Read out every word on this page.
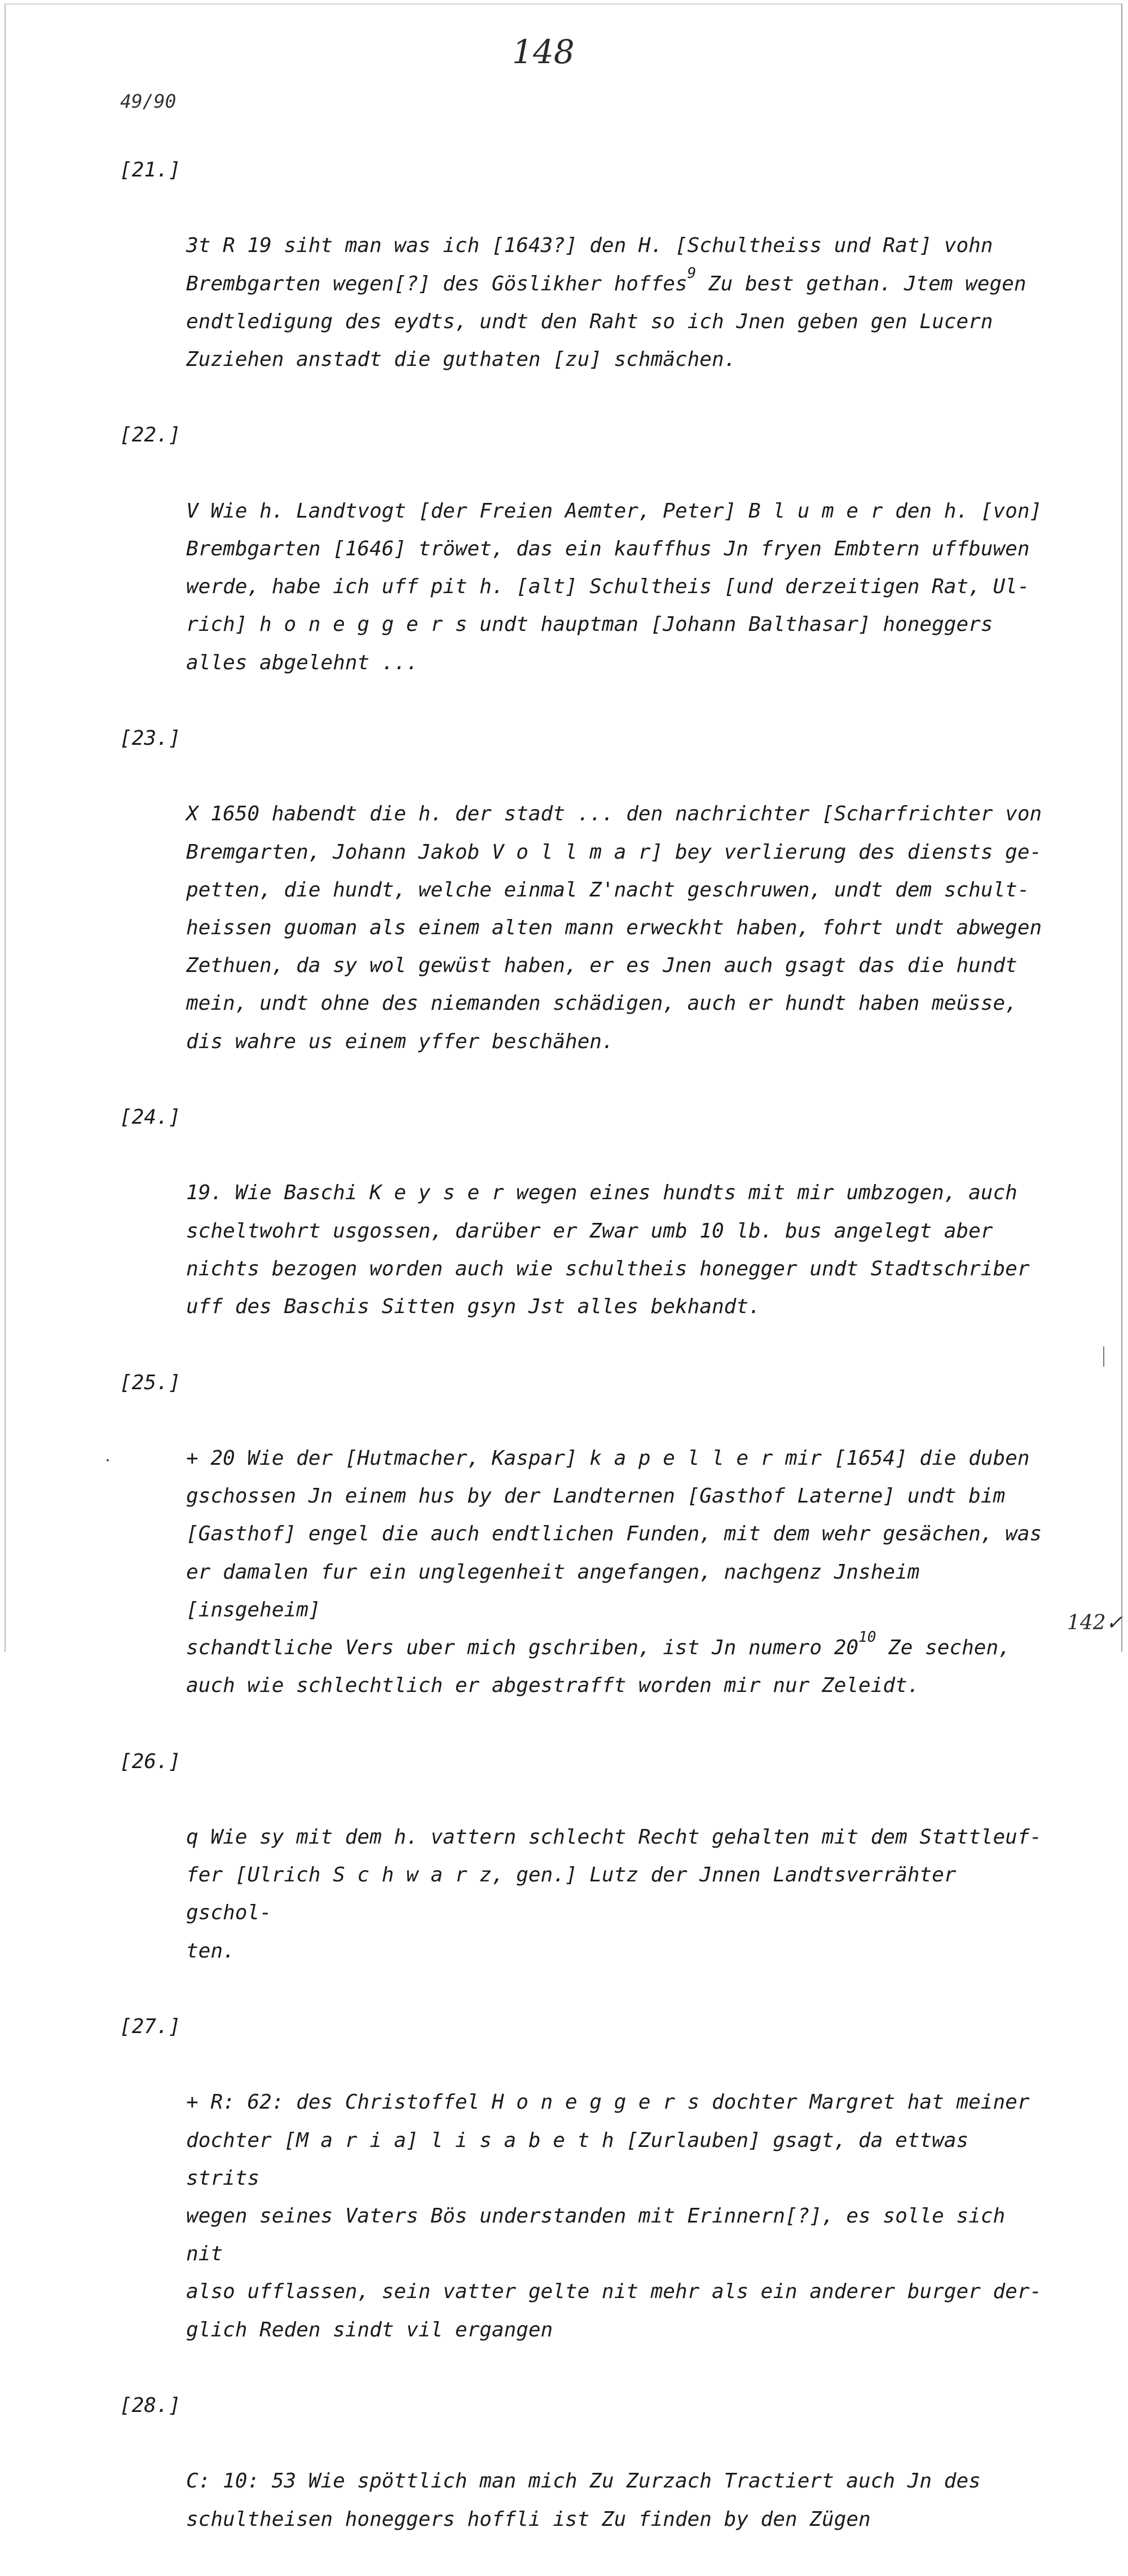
148
49/90

[21.]

3t R 19 siht man was ich [1643?] den H. [Schultheiss und Rat] vohn
Brembgarten wegen[?] des Göslikher hoffes$^9$ Zu best gethan. Jtem wegen
endtledigung des eydts, undt den Raht so ich Jnen geben gen Lucern
Zuziehen anstadt die guthaten [zu] schmächen.

[22.]

V Wie h. Landtvogt [der Freien Aemter, Peter] B l u m e r den h. [von]
Brembgarten [1646] tröwet, das ein kauffhus Jn fryen Embtern uffbuwen
werde, habe ich uff pit h. [alt] Schultheis [und derzeitigen Rat, Ul-
rich] h o n e g g e r s undt hauptman [Johann Balthasar] honeggers
alles abgelehnt ...

[23.]

X 1650 habendt die h. der stadt ... den nachrichter [Scharfrichter von
Bremgarten, Johann Jakob V o l l m a r] bey verlierung des diensts ge-
petten, die hundt, welche einmal Z'nacht geschruwen, undt dem schult-
heissen guoman als einem alten mann erweckht haben, fohrt undt abwegen
Zethuen, da sy wol gewüst haben, er es Jnen auch gsagt das die hundt
mein, undt ohne des niemanden schädigen, auch er hundt haben meüsse,
dis wahre us einem yffer beschähen.

[24.]

19. Wie Baschi K e y s e r wegen eines hundts mit mir umbzogen, auch
scheltwohrt usgossen, darüber er Zwar umb 10 lb. bus angelegt aber
nichts bezogen worden auch wie schultheis honegger undt Stadtschriber
uff des Baschis Sitten gsyn Jst alles bekhandt.

[25.]

+ 20 Wie der [Hutmacher, Kaspar] k a p e l l e r mir [1654] die duben
gschossen Jn einem hus by der Landternen [Gasthof Laterne] undt bim
[Gasthof] engel die auch endtlichen Funden, mit dem wehr gesächen, was
er damalen fur ein unglegenheit angefangen, nachgenz Jnsheim [insgeheim]
schandtliche Vers uber mich gschriben, ist Jn numero $20^{10}$ Ze sechen,
auch wie schlechtlich er abgestrafft worden mir nur Zeleidt.

[26.]

q Wie sy mit dem h. vattern schlecht Recht gehalten mit dem Stattleuf-
fer [Ulrich S c h w a r z, gen.] Lutz der Jnnen Landtsverrähter gschol-
ten.

[27.]

+ R: 62: des Christoffel H o n e g g e r s dochter Margret hat meiner
dochter [M a r i a] l i s a b e t h [Zurlauben] gsagt, da ettwas strits
wegen seines Vaters Bös understanden mit Erinnern[?], es solle sich nit
also ufflassen, sein vatter gelte nit mehr als ein anderer burger der-
glich Reden sindt vil ergangen

[28.]

C: 10: 53 Wie spöttlich man mich Zu Zurzach Tractiert auch Jn des
schultheisen honeggers hoffli ist Zu finden by den Zügen

142✓
